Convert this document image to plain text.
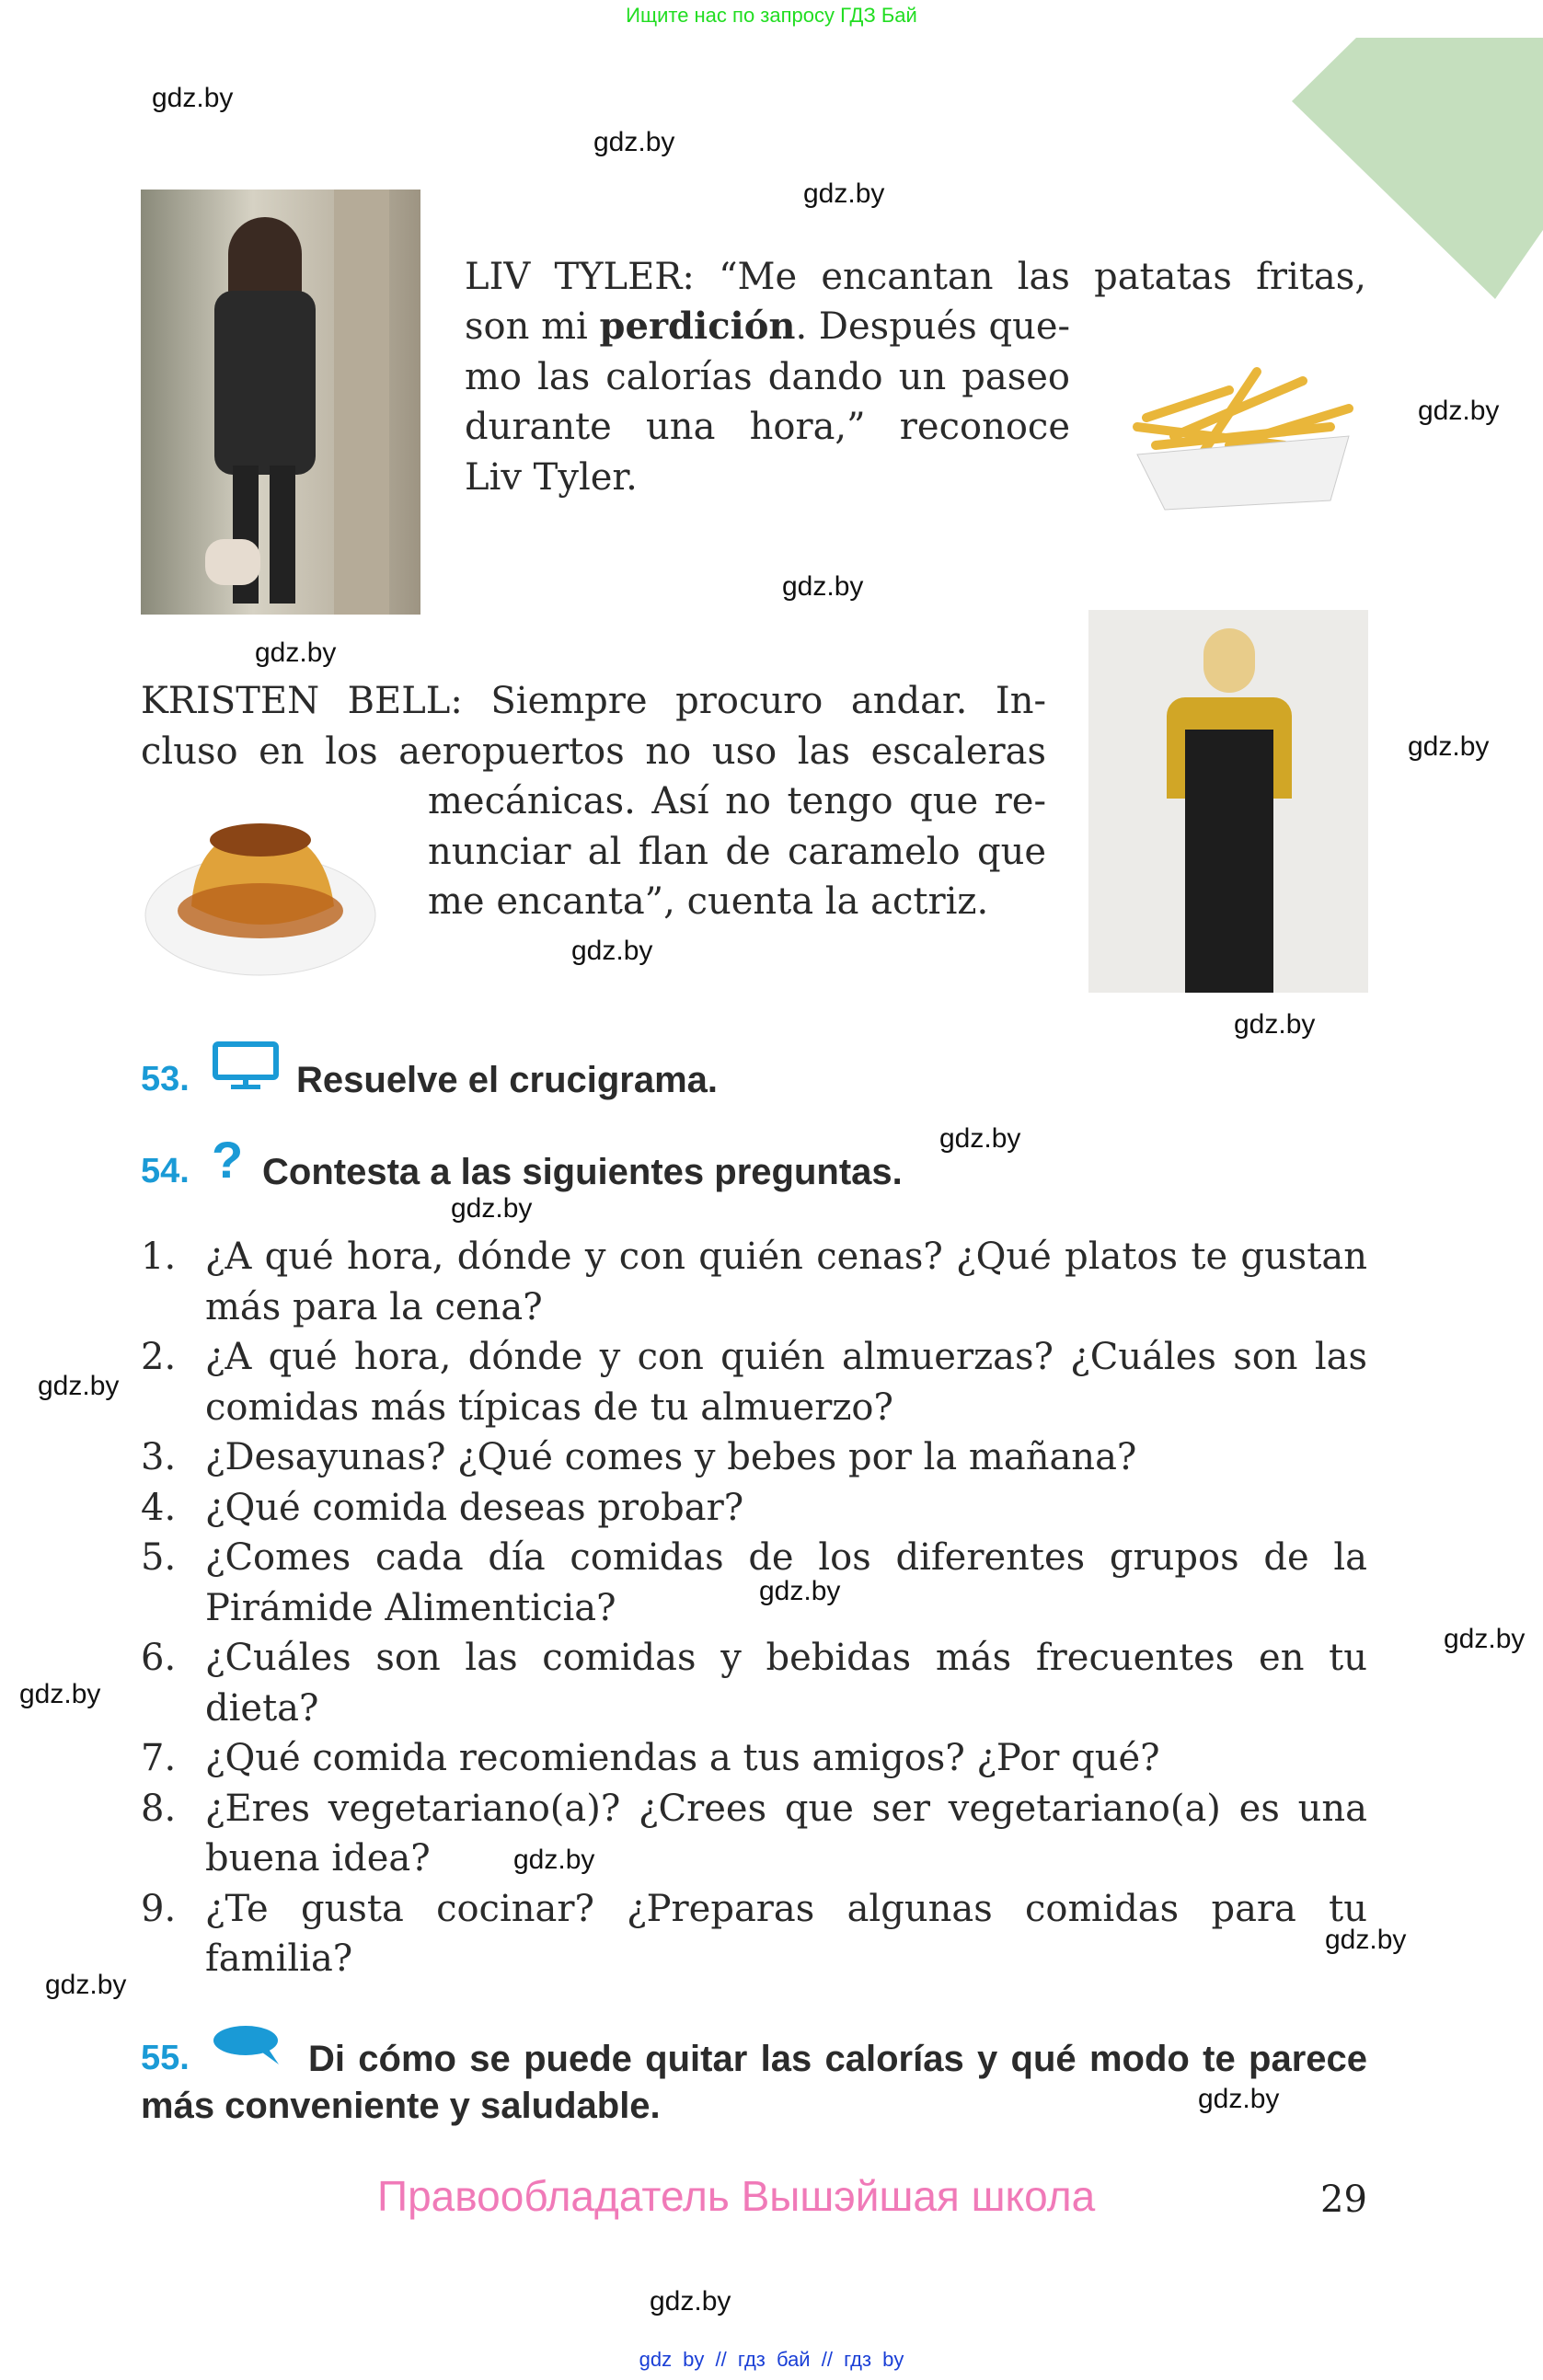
Ищите нас по запросу ГДЗ Бай
LIV TYLER: “Me encantan las patatas fritas,
son mi perdición. Después que-
mo las calorías dando un paseo
durante una hora,” reconoce
Liv Tyler.
KRISTEN BELL: Siempre procuro andar. In-
cluso en los aeropuertos no uso las escaleras
mecánicas. Así no tengo que re-
nunciar al flan de caramelo que
me encanta”, cuenta la actriz.
53.	Resuelve el crucigrama.
54. ? Contesta a las siguientes preguntas.
1. ¿A qué hora, dónde y con quién cenas? ¿Qué platos te gustan más para la cena?
2. ¿A qué hora, dónde y con quién almuerzas? ¿Cuáles son las comidas más típicas de tu almuerzo?
3. ¿Desayunas? ¿Qué comes y bebes por la mañana?
4. ¿Qué comida deseas probar?
5. ¿Comes cada día comidas de los diferentes grupos de la Pirámide Alimenticia?
6. ¿Cuáles son las comidas y bebidas más frecuentes en tu dieta?
7. ¿Qué comida recomiendas a tus amigos? ¿Por qué?
8. ¿Eres vegetariano(a)? ¿Crees que ser vegetariano(a) es una buena idea?
9. ¿Te gusta cocinar? ¿Preparas algunas comidas para tu familia?
Di cómo se puede quitar las calorías y qué modo te parece más conveniente y saludable.
55.
Правообладатель Вышэйшая школа	29
gdz by // гдз бай // гдз by
gdz.by
gdz.by
gdz.by
gdz.by
gdz.by
gdz.by
gdz.by
gdz.by
gdz.by
gdz.by
gdz.by
gdz.by
gdz.by
gdz.by
gdz.by
gdz.by
gdz.by
gdz.by
gdz.by
gdz.by
